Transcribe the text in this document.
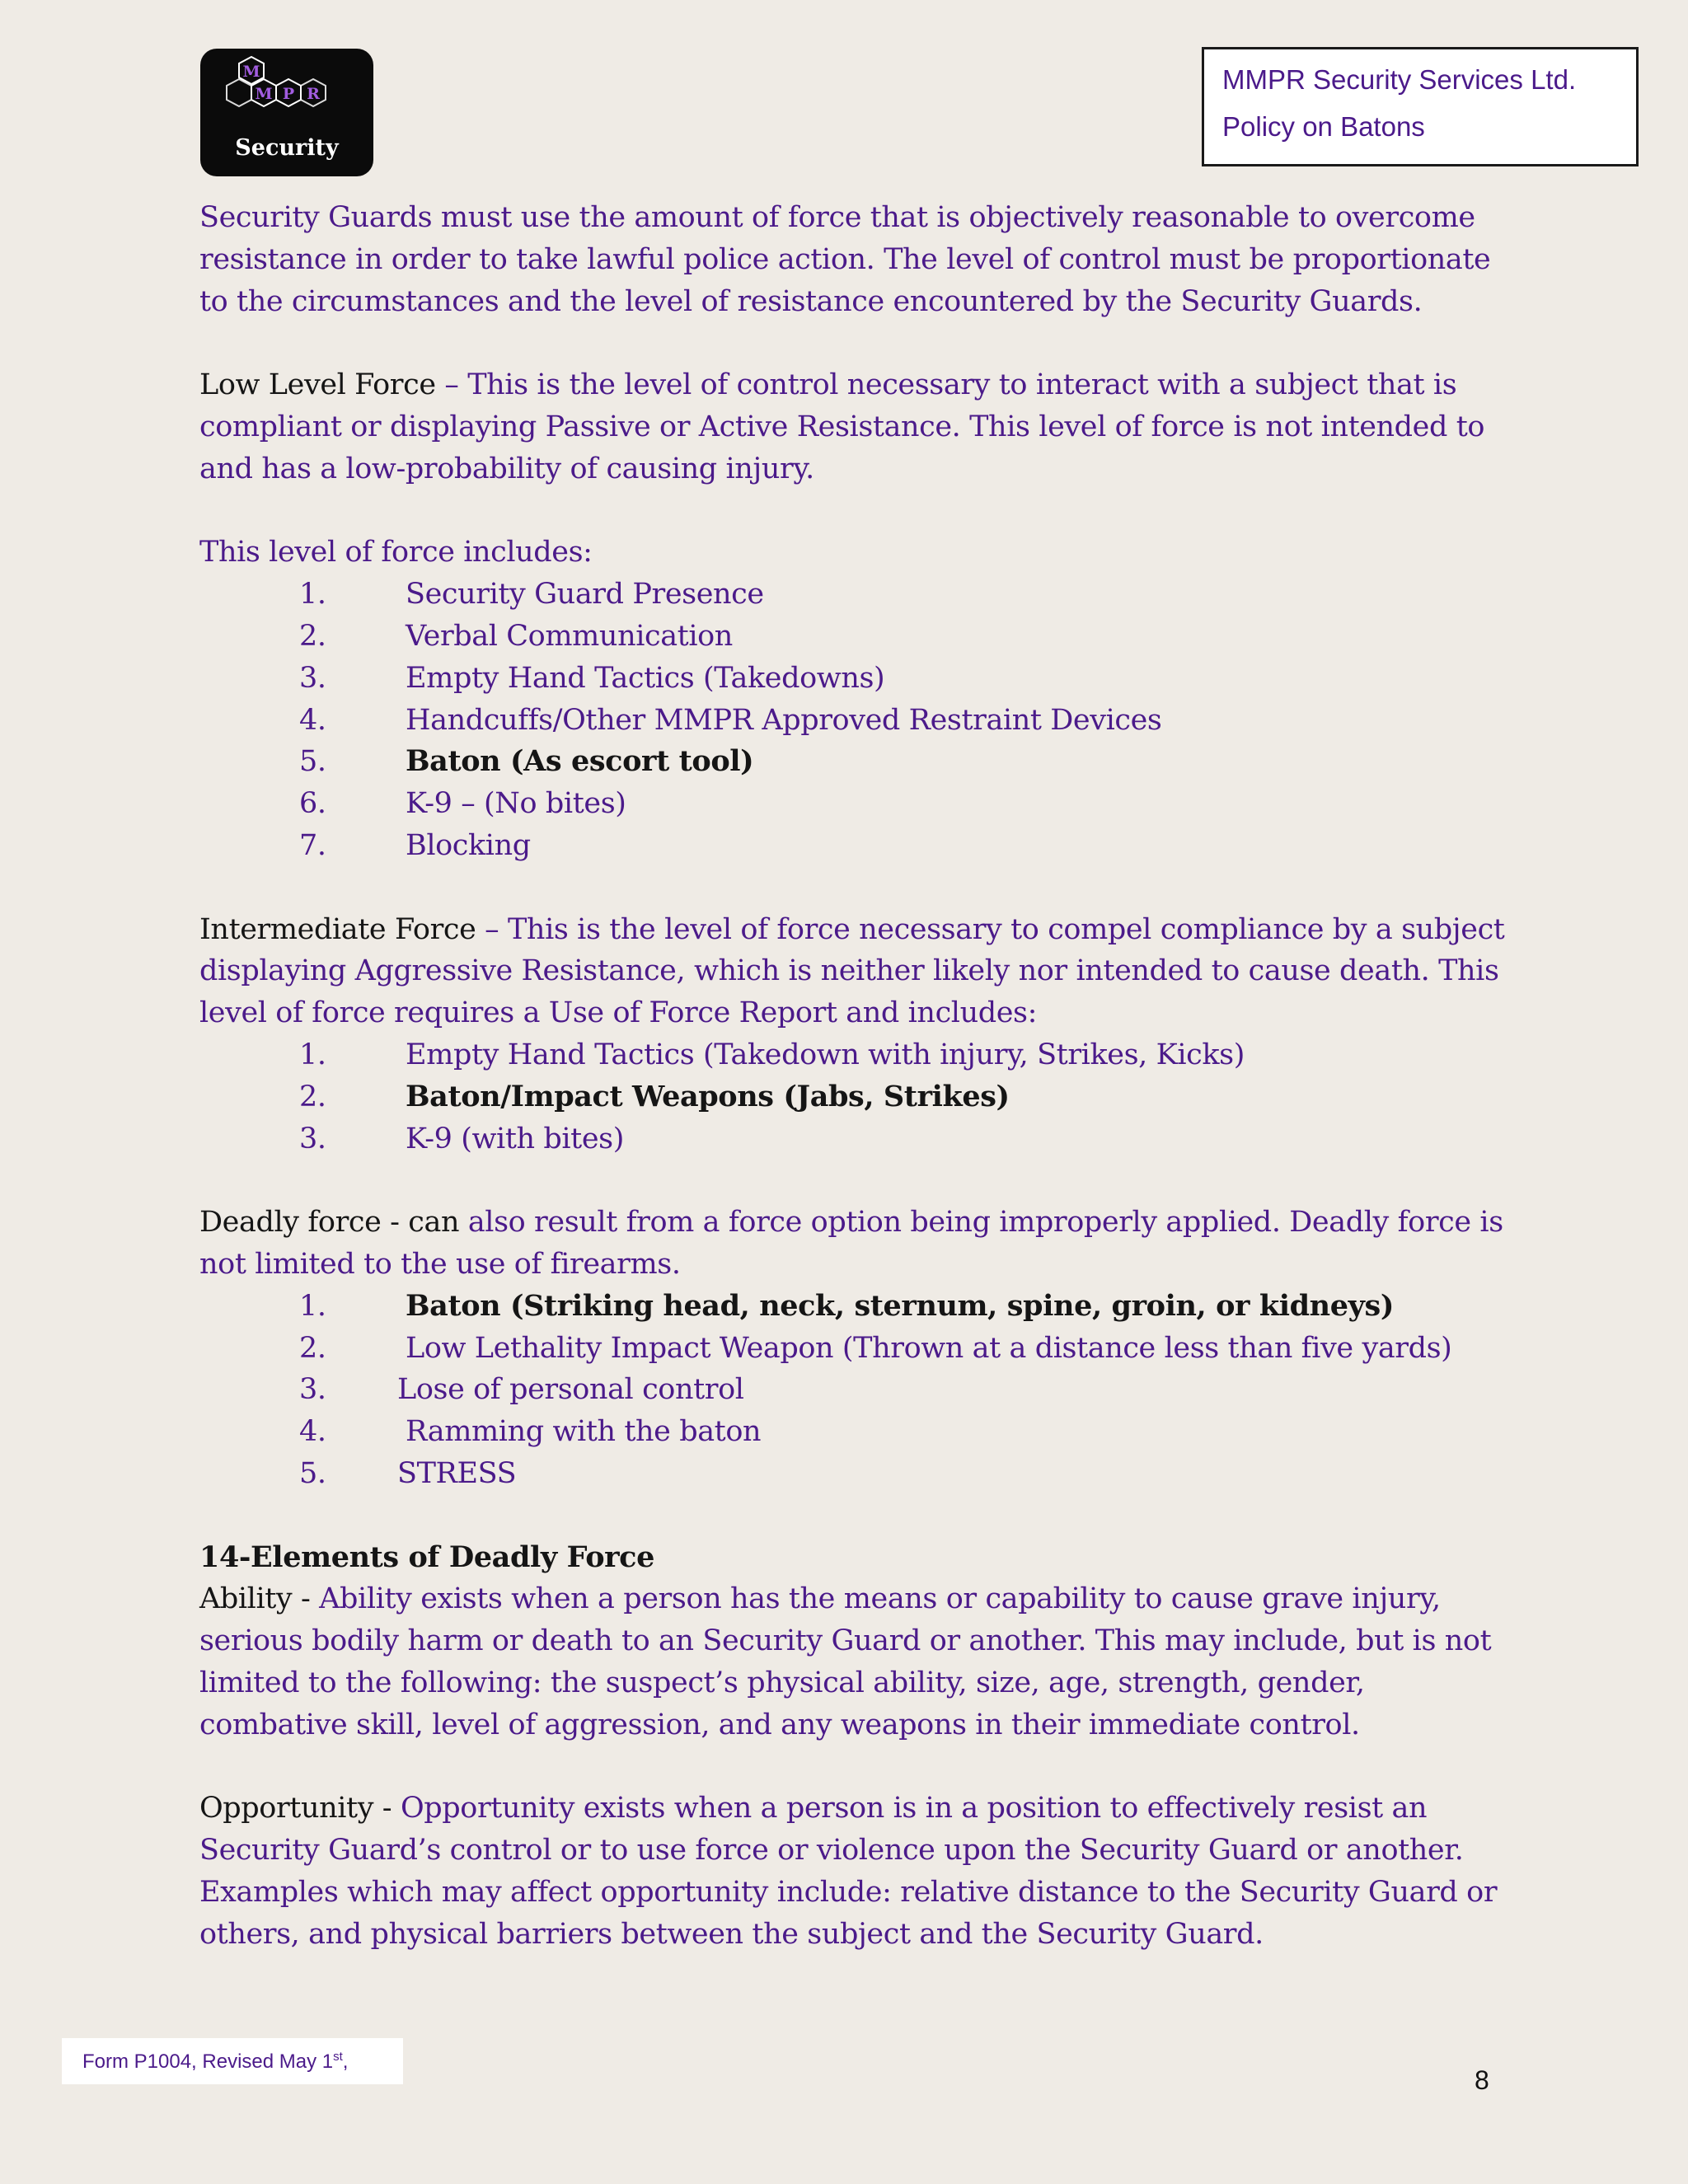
M
M P R
Security
MMPR Security Services Ltd.
Policy on Batons

Security Guards must use the amount of force that is objectively reasonable to overcome resistance in order to take lawful police action. The level of control must be proportionate to the circumstances and the level of resistance encountered by the Security Guards.

Low Level Force – This is the level of control necessary to interact with a subject that is compliant or displaying Passive or Active Resistance. This level of force is not intended to and has a low-probability of causing injury.

This level of force includes:

1.	Security Guard Presence
2.	Verbal Communication
3.	Empty Hand Tactics (Takedowns)
4.	Handcuffs/Other MMPR Approved Restraint Devices
5.	Baton (As escort tool)
6.	K-9 – (No bites)
7.	Blocking

Intermediate Force – This is the level of force necessary to compel compliance by a subject displaying Aggressive Resistance, which is neither likely nor intended to cause death. This level of force requires a Use of Force Report and includes:

1.	Empty Hand Tactics (Takedown with injury, Strikes, Kicks)
2.	Baton/Impact Weapons (Jabs, Strikes)
3.	K-9 (with bites)

Deadly force - can also result from a force option being improperly applied. Deadly force is not limited to the use of firearms.

1.	Baton (Striking head, neck, sternum, spine, groin, or kidneys)
2.	Low Lethality Impact Weapon (Thrown at a distance less than five yards)
3. Lose of personal control
4.	Ramming with the baton
5. STRESS

14-Elements of Deadly Force

Ability - Ability exists when a person has the means or capability to cause grave injury, serious bodily harm or death to an Security Guard or another. This may include, but is not limited to the following: the suspect’s physical ability, size, age, strength, gender, combative skill, level of aggression, and any weapons in their immediate control.

Opportunity - Opportunity exists when a person is in a position to effectively resist an Security Guard’s control or to use force or violence upon the Security Guard or another. Examples which may affect opportunity include: relative distance to the Security Guard or others, and physical barriers between the subject and the Security Guard.

Form P1004, Revised May 1st,
8
